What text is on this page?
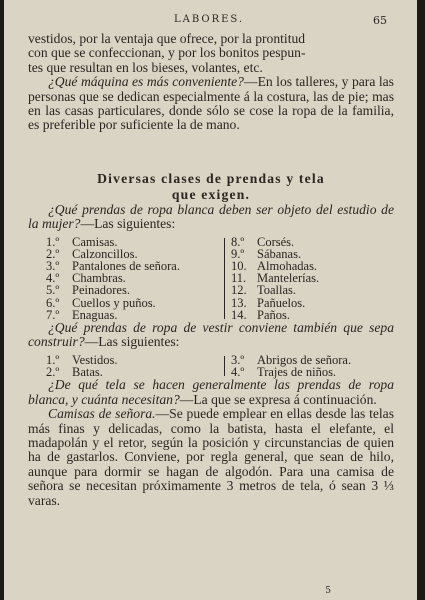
LABORES.	65

vestidos, por la ventaja que ofrece, por la prontitud
con que se confeccionan, y por los bonitos pespun-
tes que resultan en los bieses, volantes, etc.

¿Qué máquina es más conveniente?—En los talleres, y para las personas que se dedican especialmente á la costura, las de pie; mas en las casas particulares, donde sólo se cose la ropa de la familia, es preferible por suficiente la de mano.

Diversas clases de prendas y tela
que exigen.

¿Qué prendas de ropa blanca deben ser objeto del estudio de la mujer?—Las siguientes:

1.º Camisas.
2.º Calzoncillos.
3.º Pantalones de señora.
4.º Chambras.
5.º Peinadores.
6.º Cuellos y puños.
7.º Enaguas.
8.º Corsés.
9.º Sábanas.
10. Almohadas.
11. Mantelerías.
12. Toallas.
13. Pañuelos.
14. Paños.

¿Qué prendas de ropa de vestir conviene también que sepa construir?—Las siguientes:

1.º Vestidos.
2.º Batas.
3.º Abrigos de señora.
4.º Trajes de niños.

¿De qué tela se hacen generalmente las prendas de ropa blanca, y cuánta necesitan?—La que se expresa á continuación.

Camisas de señora.—Se puede emplear en ellas desde las telas más finas y delicadas, como la batista, hasta el elefante, el madapolán y el retor, según la posición y circunstancias de quien ha de gastarlos. Conviene, por regla general, que sean de hilo, aunque para dormir se hagan de algodón. Para una camisa de señora se necesitan próximamente 3 metros de tela, ó sean 3 ⅓ varas.

5
